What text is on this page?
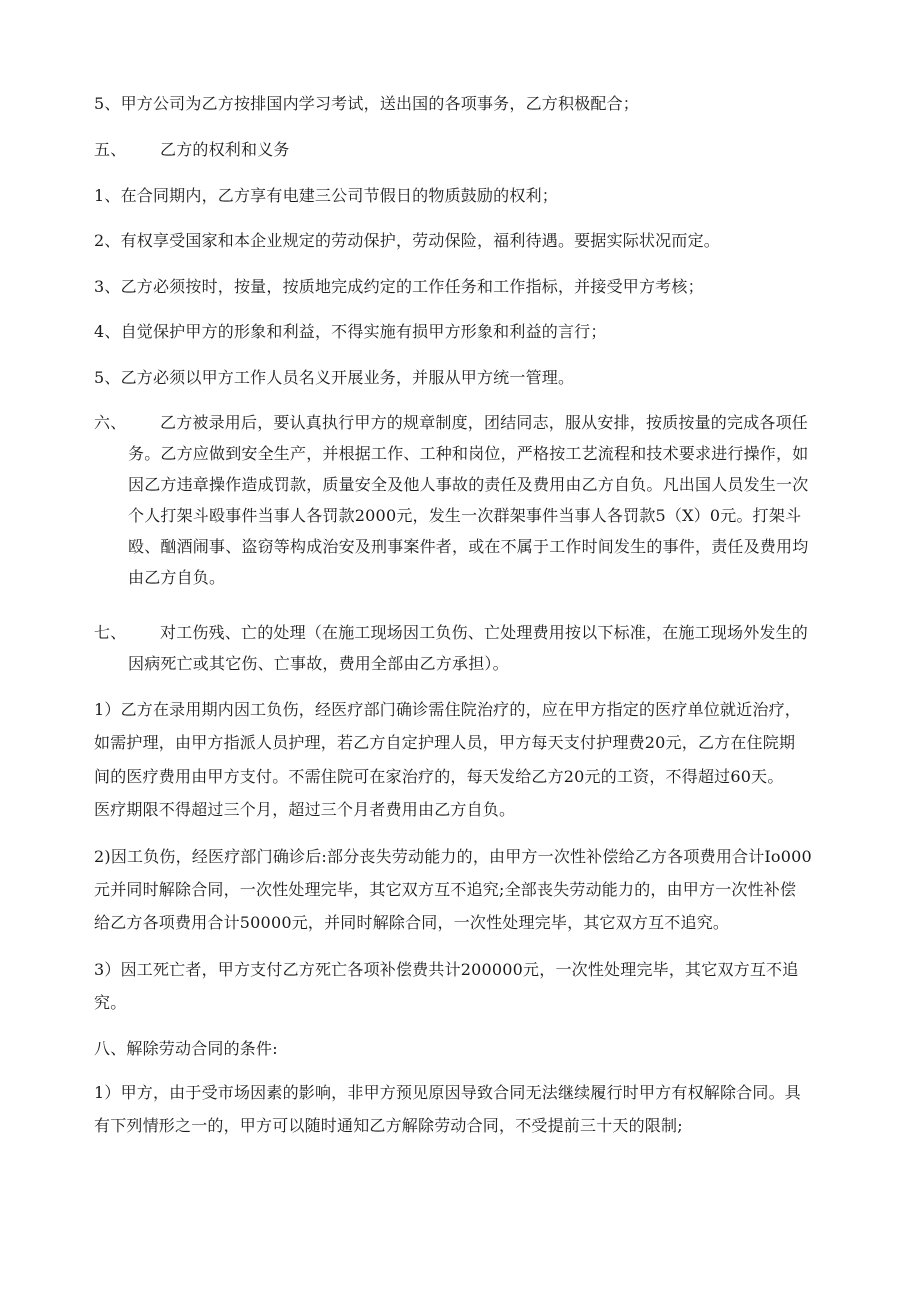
5、甲方公司为乙方按排国内学习考试，送出国的各项事务，乙方积极配合；
五、 乙方的权利和义务
1、在合同期内，乙方享有电建三公司节假日的物质鼓励的权利；
2、有权享受国家和本企业规定的劳动保护，劳动保险，福利待遇。要据实际状况而定。
3、乙方必须按时，按量，按质地完成约定的工作任务和工作指标，并接受甲方考核；
4、自觉保护甲方的形象和利益，不得实施有损甲方形象和利益的言行；
5、乙方必须以甲方工作人员名义开展业务，并服从甲方统一管理。
六、 乙方被录用后，要认真执行甲方的规章制度，团结同志，服从安排，按质按量的完成各项任
务。乙方应做到安全生产，并根据工作、工种和岗位，严格按工艺流程和技术要求进行操作，如
因乙方违章操作造成罚款，质量安全及他人事故的责任及费用由乙方自负。凡出国人员发生一次
个人打架斗殴事件当事人各罚款2000元，发生一次群架事件当事人各罚款5（X）0元。打架斗
殴、酗酒闹事、盗窃等构成治安及刑事案件者，或在不属于工作时间发生的事件，责任及费用均
由乙方自负。
七、 对工伤残、亡的处理（在施工现场因工负伤、亡处理费用按以下标准，在施工现场外发生的
因病死亡或其它伤、亡事故，费用全部由乙方承担）。
1）乙方在录用期内因工负伤，经医疗部门确诊需住院治疗的，应在甲方指定的医疗单位就近治疗，
如需护理，由甲方指派人员护理，若乙方自定护理人员，甲方每天支付护理费20元，乙方在住院期
间的医疗费用由甲方支付。不需住院可在家治疗的，每天发给乙方20元的工资，不得超过60天。
医疗期限不得超过三个月，超过三个月者费用由乙方自负。
2)因工负伤，经医疗部门确诊后:部分丧失劳动能力的，由甲方一次性补偿给乙方各项费用合计Io000
元并同时解除合同，一次性处理完毕，其它双方互不追究;全部丧失劳动能力的，由甲方一次性补偿
给乙方各项费用合计50000元，并同时解除合同，一次性处理完毕，其它双方互不追究。
3）因工死亡者，甲方支付乙方死亡各项补偿费共计200000元，一次性处理完毕，其它双方互不追
究。
八、解除劳动合同的条件:
1）甲方，由于受市场因素的影响，非甲方预见原因导致合同无法继续履行时甲方有权解除合同。具
有下列情形之一的，甲方可以随时通知乙方解除劳动合同，不受提前三十天的限制;
